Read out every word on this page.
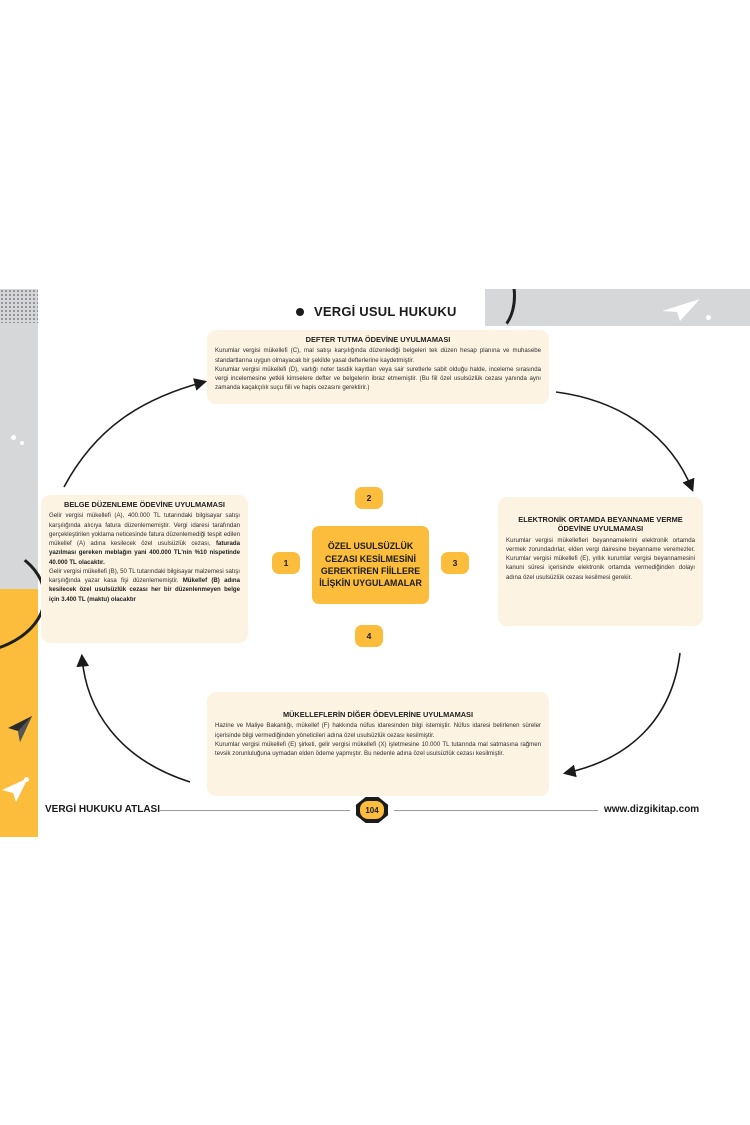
VERGİ USUL HUKUKU
DEFTER TUTMA ÖDEVİNE UYULMAMASI

Kurumlar vergisi mükellefi (C), mal satışı karşılığında düzenlediği belgeleri tek düzen hesap planına ve muhasebe standartlarına uygun olmayacak bir şekilde yasal defterlerine kaydetmiştir.

Kurumlar vergisi mükellefi (D), varlığı noter tasdik kayıtları veya sair suretlerle sabit olduğu halde, inceleme sırasında vergi incelemesine yetkili kimselere defter ve belgelerin ibraz etmemiştir. (Bu fiil özel usulsüzlük cezası yanında aynı zamanda kaçakçılık suçu fiili ve hapis cezasını gerektirir.)

BELGE DÜZENLEME ÖDEVİNE UYULMAMASI

Gelir vergisi mükellefi (A), 400.000 TL tutarındaki bilgisayar satışı karşılığında alıcıya fatura düzenlememiştir. Vergi idaresi tarafından gerçekleştirilen yoklama neticesinde fatura düzenlemediği tespit edilen mükellef (A) adına kesilecek özel usulsüzlük cezası, faturada yazılması gereken meblağın yani 400.000 TL'nin %10 nispetinde 40.000 TL olacaktır.

Gelir vergisi mükellefi (B), 50 TL tutarındaki bilgisayar malzemesi satışı karşılığında yazar kasa fişi düzenlememiştir. Mükellef (B) adına kesilecek özel usulsüzlük cezası her bir düzenlenmeyen belge için 3.400 TL (maktu) olacaktır

ELEKTRONİK ORTAMDA BEYANNAME VERME ÖDEVİNE UYULMAMASI

Kurumlar vergisi mükellefleri beyannamelerini elektronik ortamda vermek zorundadırlar, elden vergi dairesine beyanname veremezler. Kurumlar vergisi mükellefi (E), yıllık kurumlar vergisi beyannamesini kanuni süresi içerisinde elektronik ortamda vermediğinden dolayı adına özel usulsüzlük cezası kesilmesi gerekir.

MÜKELLEFLERİN DİĞER ÖDEVLERİNE UYULMAMASI

Hazine ve Maliye Bakanlığı, mükellef (F) hakkında nüfus idaresinden bilgi istemiştir. Nüfus idaresi belirlenen süreler içerisinde bilgi vermediğinden yöneticileri adına özel usulsüzlük cezası kesilmiştir.

Kurumlar vergisi mükellefi (E) şirketi, gelir vergisi mükellefi (X) işletmesine 10.000 TL tutarında mal satmasına rağmen tevsik zorunluluğuna uymadan elden ödeme yapmıştır. Bu nedenle adına özel usulsüzlük cezası kesilmiştir.

ÖZEL USULSÜZLÜK CEZASI KESİLMESİNİ GEREKTİREN FİİLLERE İLİŞKİN UYGULAMALAR
2
1	3
4
VERGİ HUKUKU ATLASI	104	www.dizgikitap.com
